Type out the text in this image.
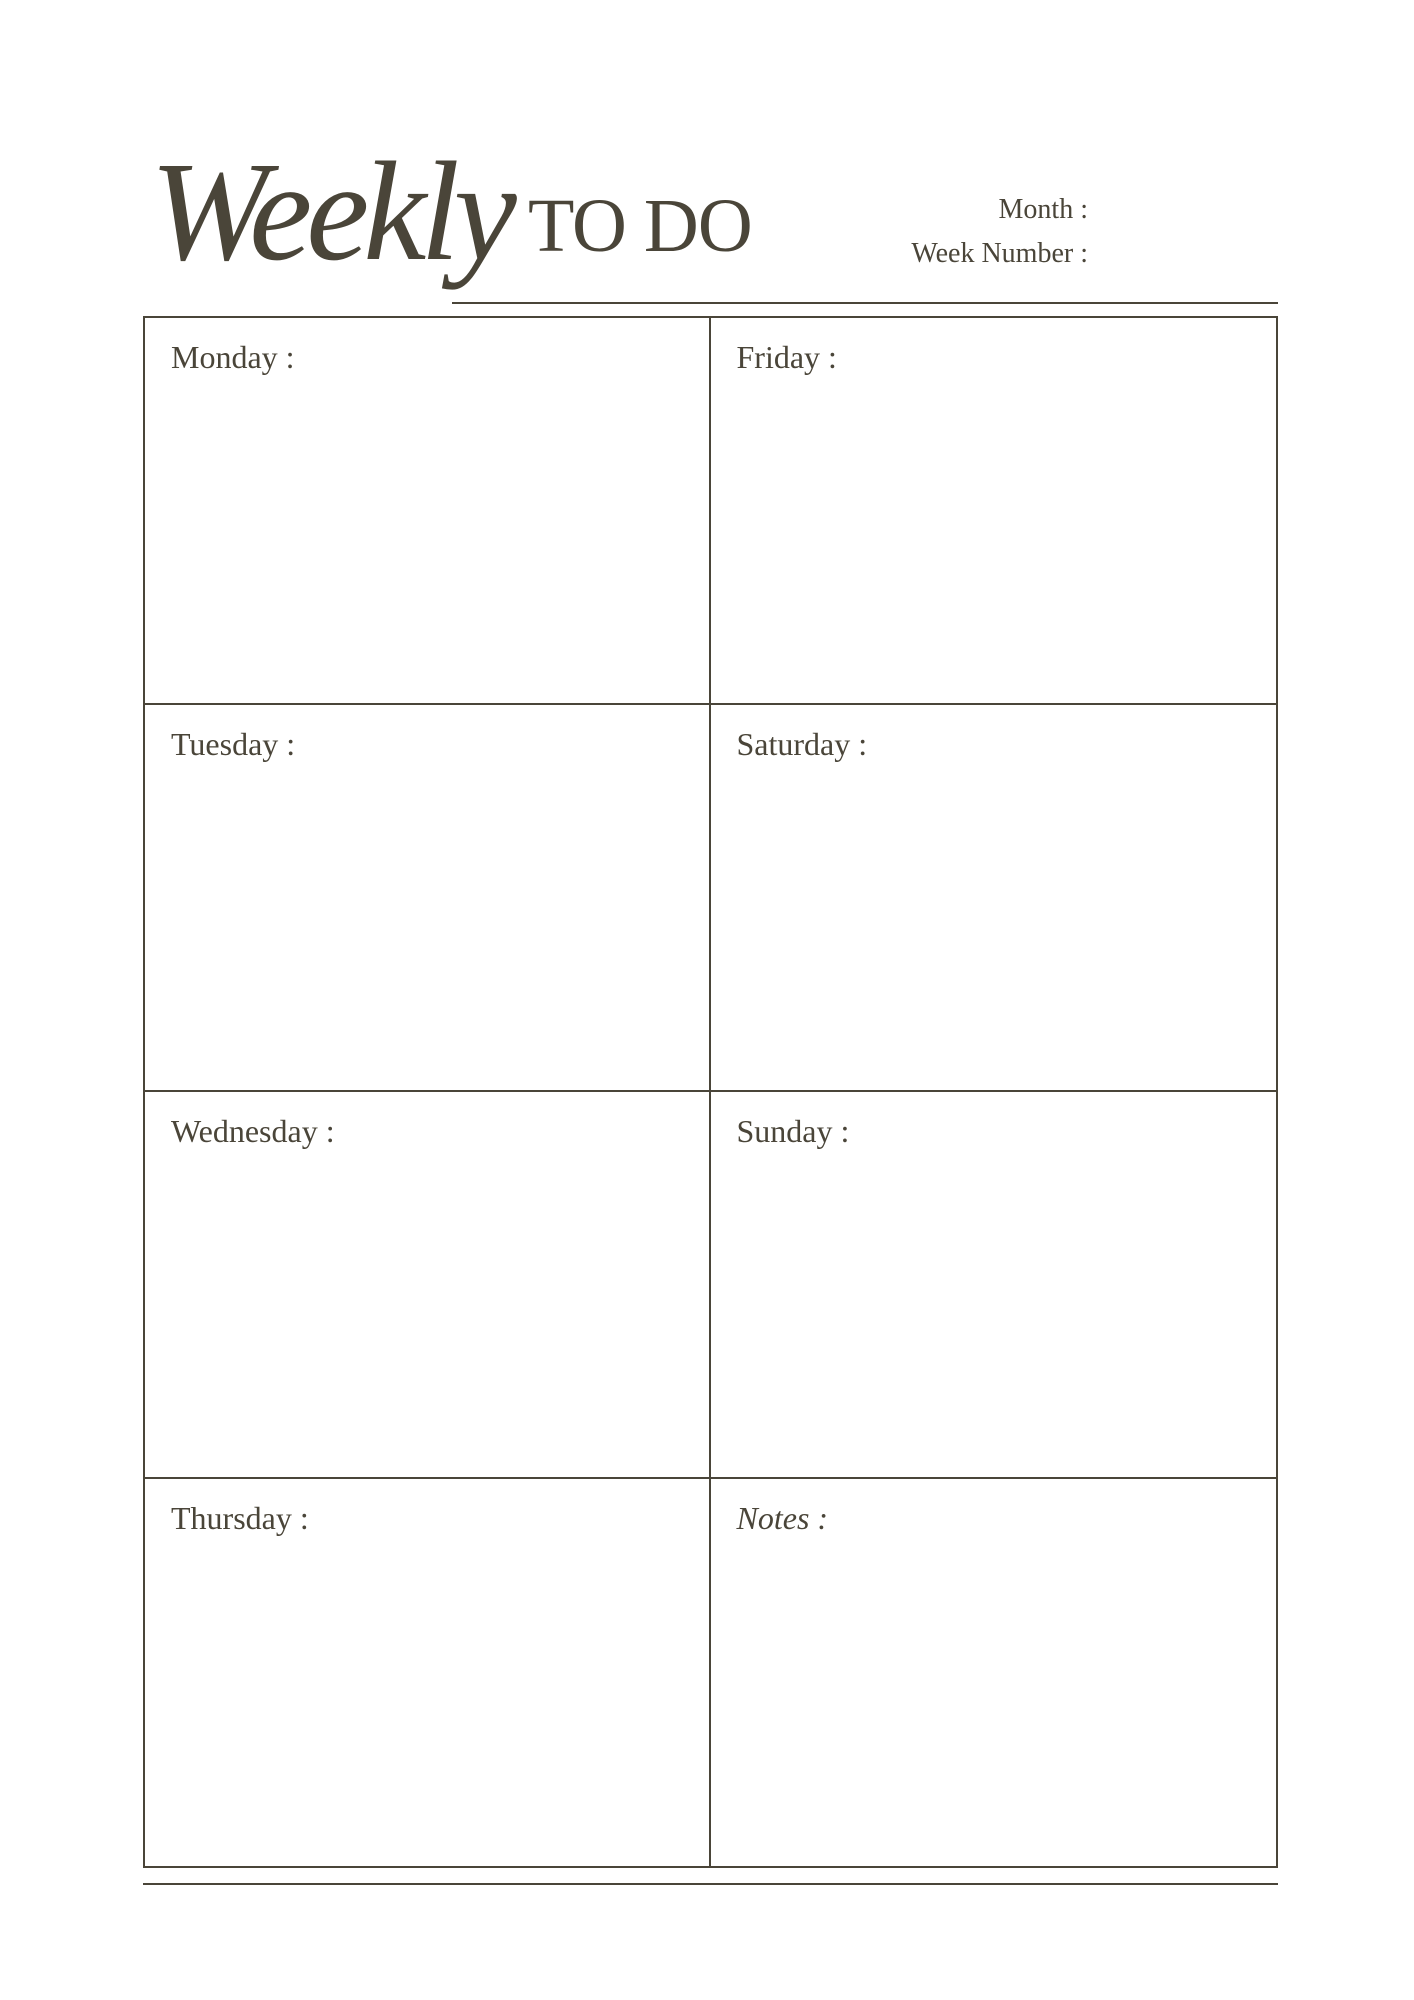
Weekly TO DO	Month :
Week Number :
Monday :	Friday :
Tuesday :	Saturday :
Wednesday :	Sunday :
Thursday :	Notes :
